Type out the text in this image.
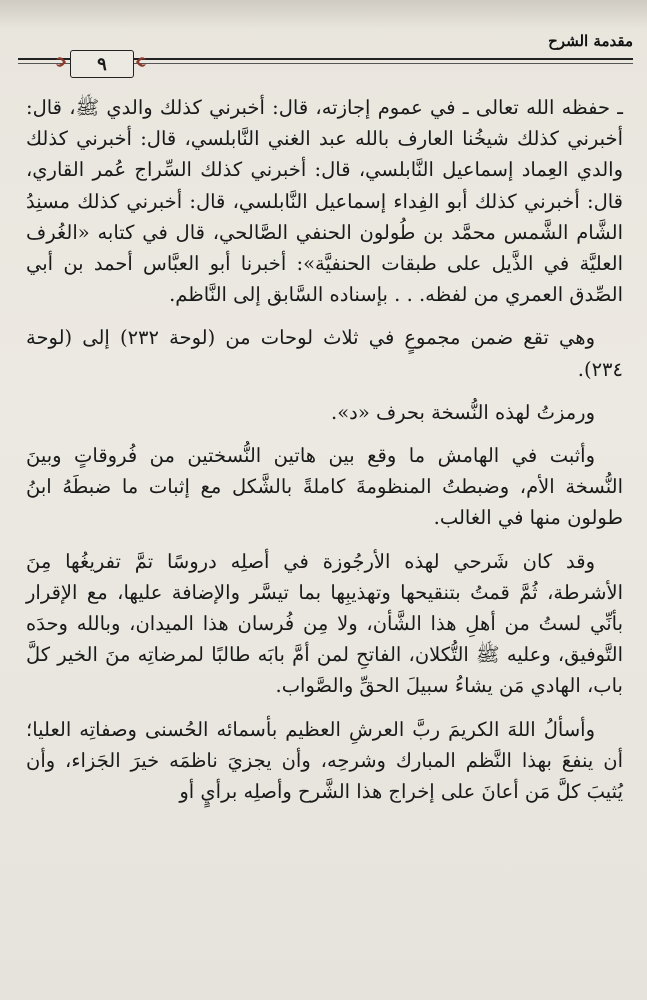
مقدمة الشرح
٩

ـ حفظه الله تعالى ـ في عموم إجازته، قال: أخبرني كذلك والدي ﷺ، قال: أخبرني كذلك شيخُنا العارف بالله عبد الغني النَّابلسي، قال: أخبرني كذلك والدي العِماد إسماعيل النَّابلسي، قال: أخبرني كذلك السِّراج عُمر القاري، قال: أخبرني كذلك أبو الفِداء إسماعيل النَّابلسي، قال: أخبرني كذلك مسنِدُ الشَّام الشَّمس محمَّد بن طُولون الحنفي الصَّالحي، قال في كتابه «الغُرف العليَّة في الذَّيل على طبقات الحنفيَّة»: أخبرنا أبو العبَّاس أحمد بن أبي الصِّدق العمري من لفظه. . . بإسناده السَّابق إلى النَّاظم.

وهي تقع ضمن مجموعٍ في ثلاث لوحات من (لوحة ٢٣٢) إلى (لوحة ٢٣٤).

ورمزتُ لهذه النُّسخة بحرف «د».

وأثبت في الهامش ما وقع بين هاتين النُّسختين من فُروقاتٍ وبينَ النُّسخة الأم، وضبطتُ المنظومةَ كاملةً بالشَّكل مع إثبات ما ضبطَهُ ابنُ طولون منها في الغالب.

وقد كان شَرحي لهذه الأرجُوزة في أصلِه دروسًا تمَّ تفريغُها مِنَ الأشرطة، ثُمَّ قمتُ بتنقيحها وتهذيبِها بما تيسَّر والإضافة عليها، مع الإقرار بأنِّي لستُ من أهلِ هذا الشَّأن، ولا مِن فُرسان هذا الميدان، وبالله وحدَه التَّوفيق، وعليه ﷺ التُّكلان، الفاتحِ لمن أمَّ بابَه طالبًا لمرضاتِه منَ الخير كلَّ باب، الهادي مَن يشاءُ سبيلَ الحقِّ والصَّواب.

وأسألُ اللهَ الكريمَ ربَّ العرشِ العظيم بأسمائه الحُسنى وصفاتِه العليا؛ أن ينفعَ بهذا النَّظم المبارك وشرحِه، وأن يجزيَ ناظمَه خيرَ الجَزاء، وأن يُثيبَ كلَّ مَن أعانَ على إخراج هذا الشَّرح وأصلِه برأيٍ أو
